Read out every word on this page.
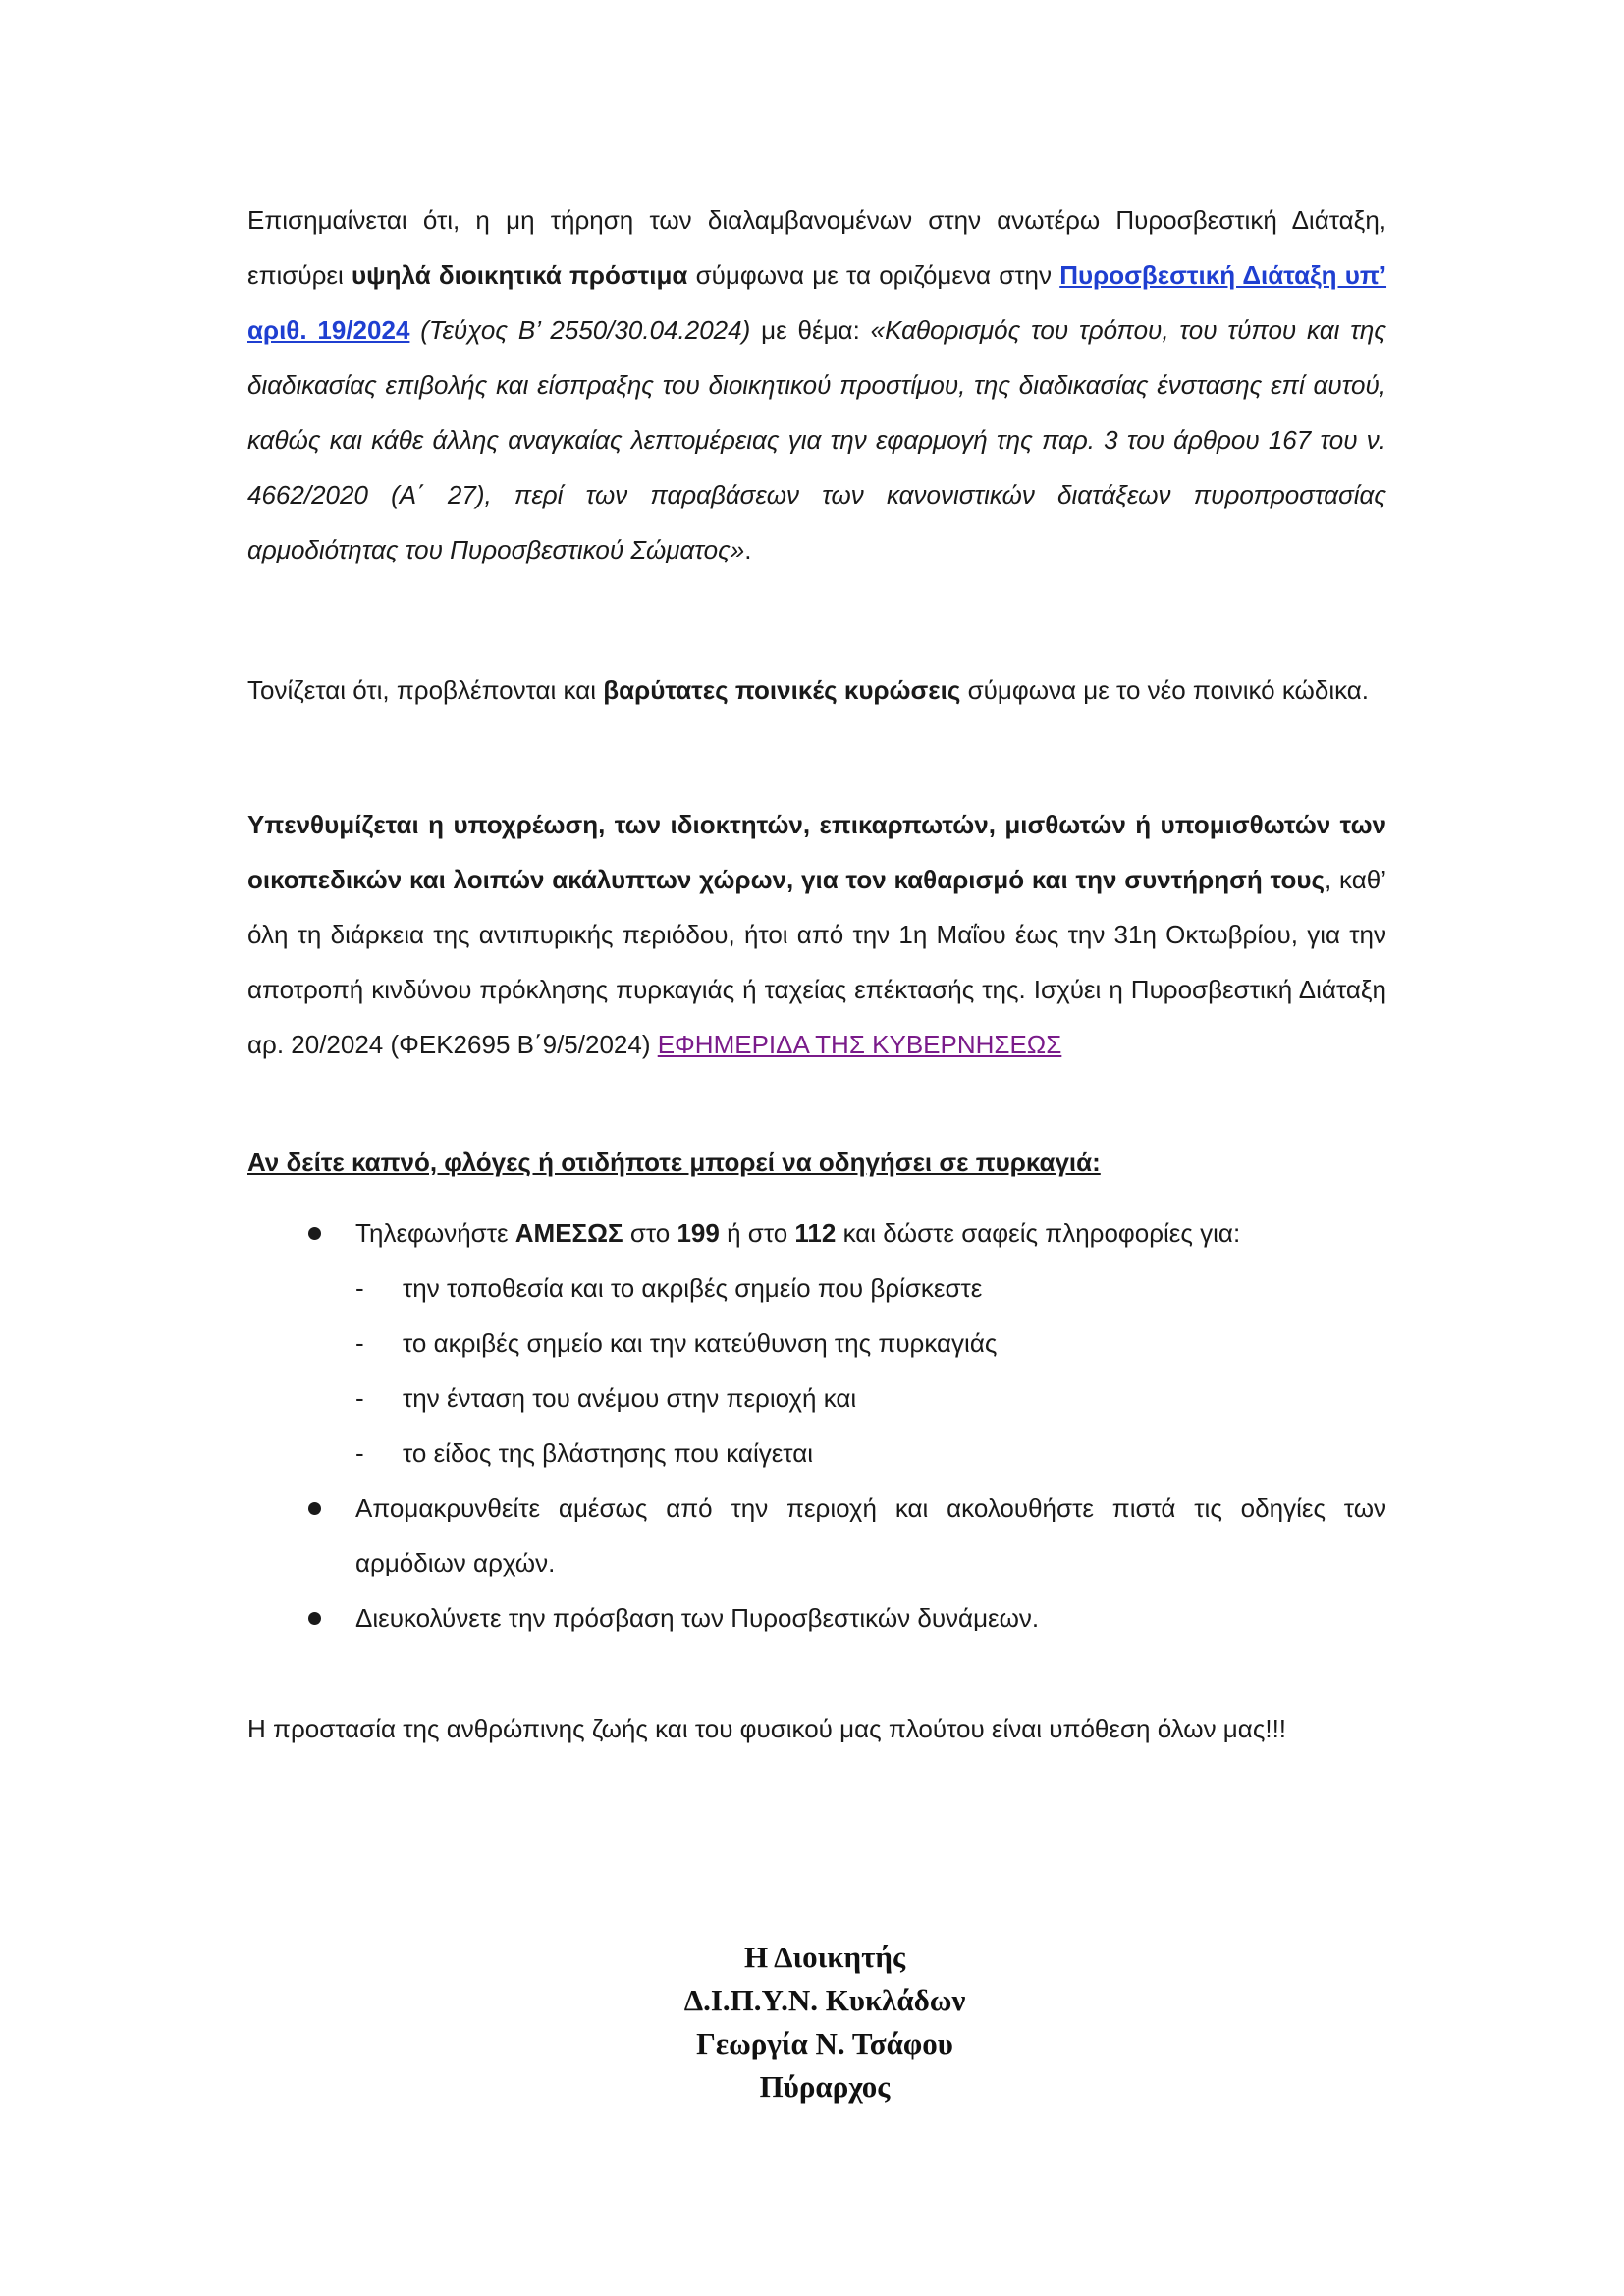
Επισημαίνεται ότι, η μη τήρηση των διαλαμβανομένων στην ανωτέρω Πυροσβεστική Διάταξη, επισύρει υψηλά διοικητικά πρόστιμα σύμφωνα με τα οριζόμενα στην Πυροσβεστική Διάταξη υπ’ αριθ. 19/2024 (Τεύχος Β’ 2550/30.04.2024) με θέμα: «Καθορισμός του τρόπου, του τύπου και της διαδικασίας επιβολής και είσπραξης του διοικητικού προστίμου, της διαδικασίας ένστασης επί αυτού, καθώς και κάθε άλλης αναγκαίας λεπτομέρειας για την εφαρμογή της παρ. 3 του άρθρου 167 του ν. 4662/2020 (Α΄ 27), περί των παραβάσεων των κανονιστικών διατάξεων πυροπροστασίας αρμοδιότητας του Πυροσβεστικού Σώματος».

Τονίζεται ότι, προβλέπονται και βαρύτατες ποινικές κυρώσεις σύμφωνα με το νέο ποινικό κώδικα.

Υπενθυμίζεται η υποχρέωση, των ιδιοκτητών, επικαρπωτών, μισθωτών ή υπομισθωτών των οικοπεδικών και λοιπών ακάλυπτων χώρων, για τον καθαρισμό και την συντήρησή τους, καθ’ όλη τη διάρκεια της αντιπυρικής περιόδου, ήτοι από την 1η Μαΐου έως την 31η Οκτωβρίου, για την αποτροπή κινδύνου πρόκλησης πυρκαγιάς ή ταχείας επέκτασής της. Ισχύει η Πυροσβεστική Διάταξη αρ. 20/2024 (ΦΕΚ2695 Β΄9/5/2024) ΕΦΗΜΕΡΙΔΑ ΤΗΣ ΚΥΒΕΡΝΗΣΕΩΣ

Αν δείτε καπνό, φλόγες ή οτιδήποτε μπορεί να οδηγήσει σε πυρκαγιά:
Τηλεφωνήστε ΑΜΕΣΩΣ στο 199 ή στο 112 και δώστε σαφείς πληροφορίες για:
- την τοποθεσία και το ακριβές σημείο που βρίσκεστε
- το ακριβές σημείο και την κατεύθυνση της πυρκαγιάς
- την ένταση του ανέμου στην περιοχή και
- το είδος της βλάστησης που καίγεται
Απομακρυνθείτε αμέσως από την περιοχή και ακολουθήστε πιστά τις οδηγίες των αρμόδιων αρχών.
Διευκολύνετε την πρόσβαση των Πυροσβεστικών δυνάμεων.

Η προστασία της ανθρώπινης ζωής και του φυσικού μας πλούτου είναι υπόθεση όλων μας!!!

Η Διοικητής
Δ.Ι.Π.Υ.Ν. Κυκλάδων
Γεωργία Ν. Τσάφου
Πύραρχος
